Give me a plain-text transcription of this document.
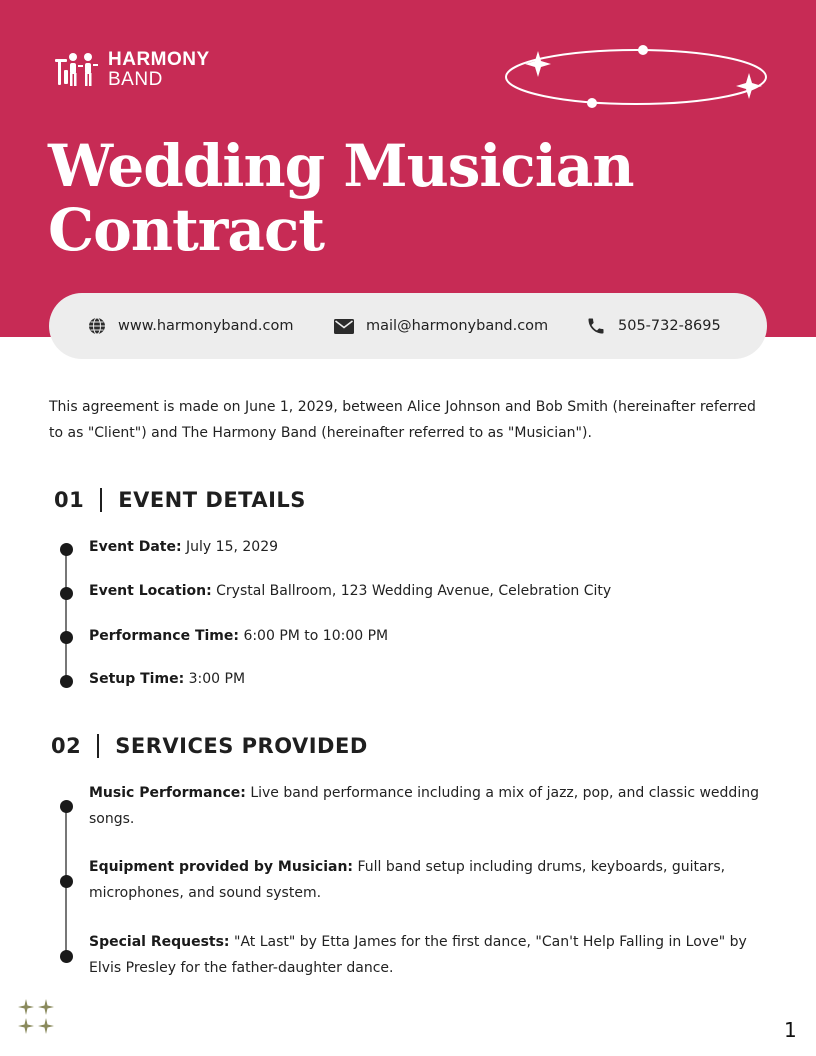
HARMONY
BAND
Wedding Musician
Contract
www.harmonyband.com	mail@harmonyband.com	505-732-8695

This agreement is made on June 1, 2029, between Alice Johnson and Bob Smith (hereinafter referred to as "Client") and The Harmony Band (hereinafter referred to as "Musician").

01 EVENT DETAILS

Event Date: July 15, 2029

Event Location: Crystal Ballroom, 123 Wedding Avenue, Celebration City

Performance Time: 6:00 PM to 10:00 PM

Setup Time: 3:00 PM

02 SERVICES PROVIDED

Music Performance: Live band performance including a mix of jazz, pop, and classic wedding songs.

Equipment provided by Musician: Full band setup including drums, keyboards, guitars, microphones, and sound system.

Special Requests: "At Last" by Etta James for the first dance, "Can't Help Falling in Love" by Elvis Presley for the father-daughter dance.

1
